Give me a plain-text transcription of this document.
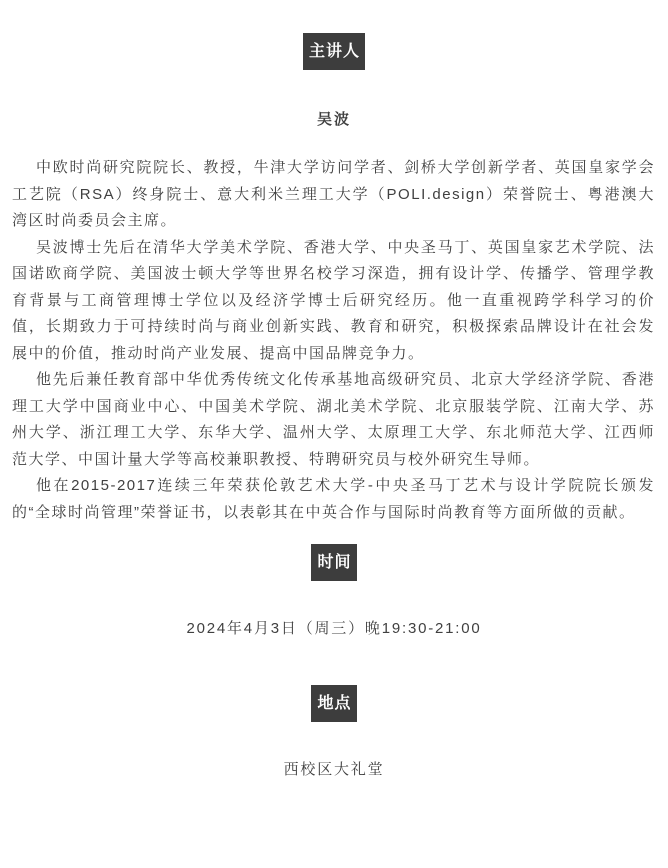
主讲人
吴波

中欧时尚研究院院长、教授，牛津大学访问学者、剑桥大学创新学者、英国皇家学会工艺院（RSA）终身院士、意大利米兰理工大学（POLI.design）荣誉院士、粤港澳大湾区时尚委员会主席。

吴波博士先后在清华大学美术学院、香港大学、中央圣马丁、英国皇家艺术学院、法国诺欧商学院、美国波士顿大学等世界名校学习深造，拥有设计学、传播学、管理学教育背景与工商管理博士学位以及经济学博士后研究经历。他一直重视跨学科学习的价值，长期致力于可持续时尚与商业创新实践、教育和研究，积极探索品牌设计在社会发展中的价值，推动时尚产业发展、提高中国品牌竞争力。

他先后兼任教育部中华优秀传统文化传承基地高级研究员、北京大学经济学院、香港理工大学中国商业中心、中国美术学院、湖北美术学院、北京服装学院、江南大学、苏州大学、浙江理工大学、东华大学、温州大学、太原理工大学、东北师范大学、江西师范大学、中国计量大学等高校兼职教授、特聘研究员与校外研究生导师。

他在2015-2017连续三年荣获伦敦艺术大学-中央圣马丁艺术与设计学院院长颁发的“全球时尚管理”荣誉证书，以表彰其在中英合作与国际时尚教育等方面所做的贡献。

时间

2024年4月3日（周三）晚19:30-21:00

地点

西校区大礼堂
